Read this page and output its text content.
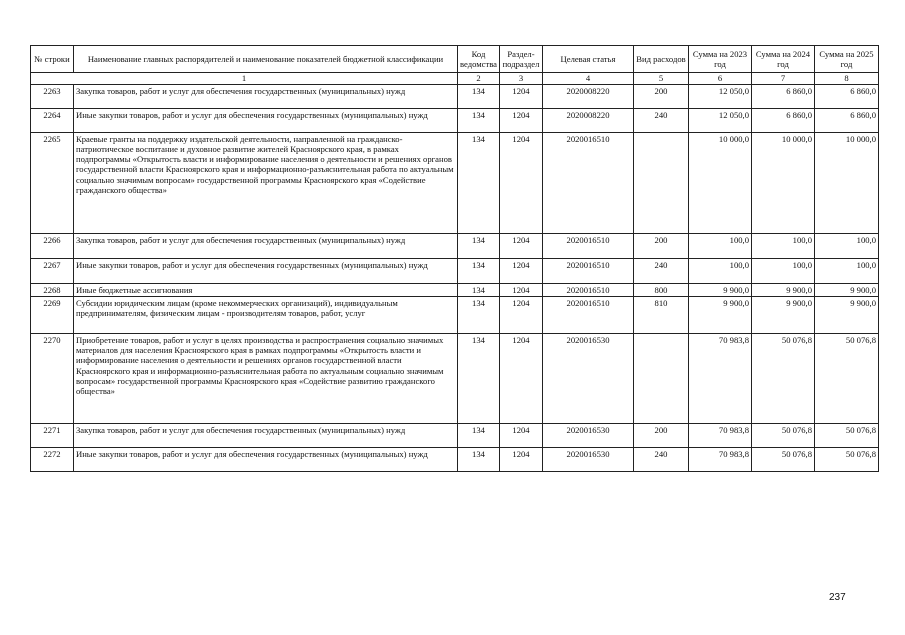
№ строки	Наименование главных распорядителей и наименование показателей бюджетной классификации	Код ведомства	Раздел-подраздел	Целевая статья	Вид расходов	Сумма на 2023 год	Сумма на 2024 год	Сумма на 2025 год
1		2	3	4	5	6	7	8
2263	Закупка товаров, работ и услуг для обеспечения государственных (муниципальных) нужд	134	1204	2020008220	200	12 050,0	6 860,0	6 860,0
2264	Иные закупки товаров, работ и услуг для обеспечения государственных (муниципальных) нужд	134	1204	2020008220	240	12 050,0	6 860,0	6 860,0
2265	Краевые гранты на поддержку издательской деятельности, направленной на гражданско-патриотическое воспитание и духовное развитие жителей Красноярского края, в рамках подпрограммы «Открытость власти и информирование населения о деятельности и решениях органов государственной власти Красноярского края и информационно-разъяснительная работа по актуальным социально значимым вопросам» государственной программы Красноярского края «Содействие гражданского общества»	134	1204	2020016510		10 000,0	10 000,0	10 000,0
2266	Закупка товаров, работ и услуг для обеспечения государственных (муниципальных) нужд	134	1204	2020016510	200	100,0	100,0	100,0
2267	Иные закупки товаров, работ и услуг для обеспечения государственных (муниципальных) нужд	134	1204	2020016510	240	100,0	100,0	100,0
2268	Иные бюджетные ассигнования	134	1204	2020016510	800	9 900,0	9 900,0	9 900,0
2269	Субсидии юридическим лицам (кроме некоммерческих организаций), индивидуальным предпринимателям, физическим лицам - производителям товаров, работ, услуг	134	1204	2020016510	810	9 900,0	9 900,0	9 900,0
2270	Приобретение товаров, работ и услуг в целях производства и распространения социально значимых материалов для населения Красноярского края в рамках подпрограммы «Открытость власти и информирование населения о деятельности и решениях органов государственной власти Красноярского края и информационно-разъяснительная работа по актуальным социально значимым вопросам» государственной программы Красноярского края «Содействие развитию гражданского общества»	134	1204	2020016530		70 983,8	50 076,8	50 076,8
2271	Закупка товаров, работ и услуг для обеспечения государственных (муниципальных) нужд	134	1204	2020016530	200	70 983,8	50 076,8	50 076,8
2272	Иные закупки товаров, работ и услуг для обеспечения государственных (муниципальных) нужд	134	1204	2020016530	240	70 983,8	50 076,8	50 076,8
237
